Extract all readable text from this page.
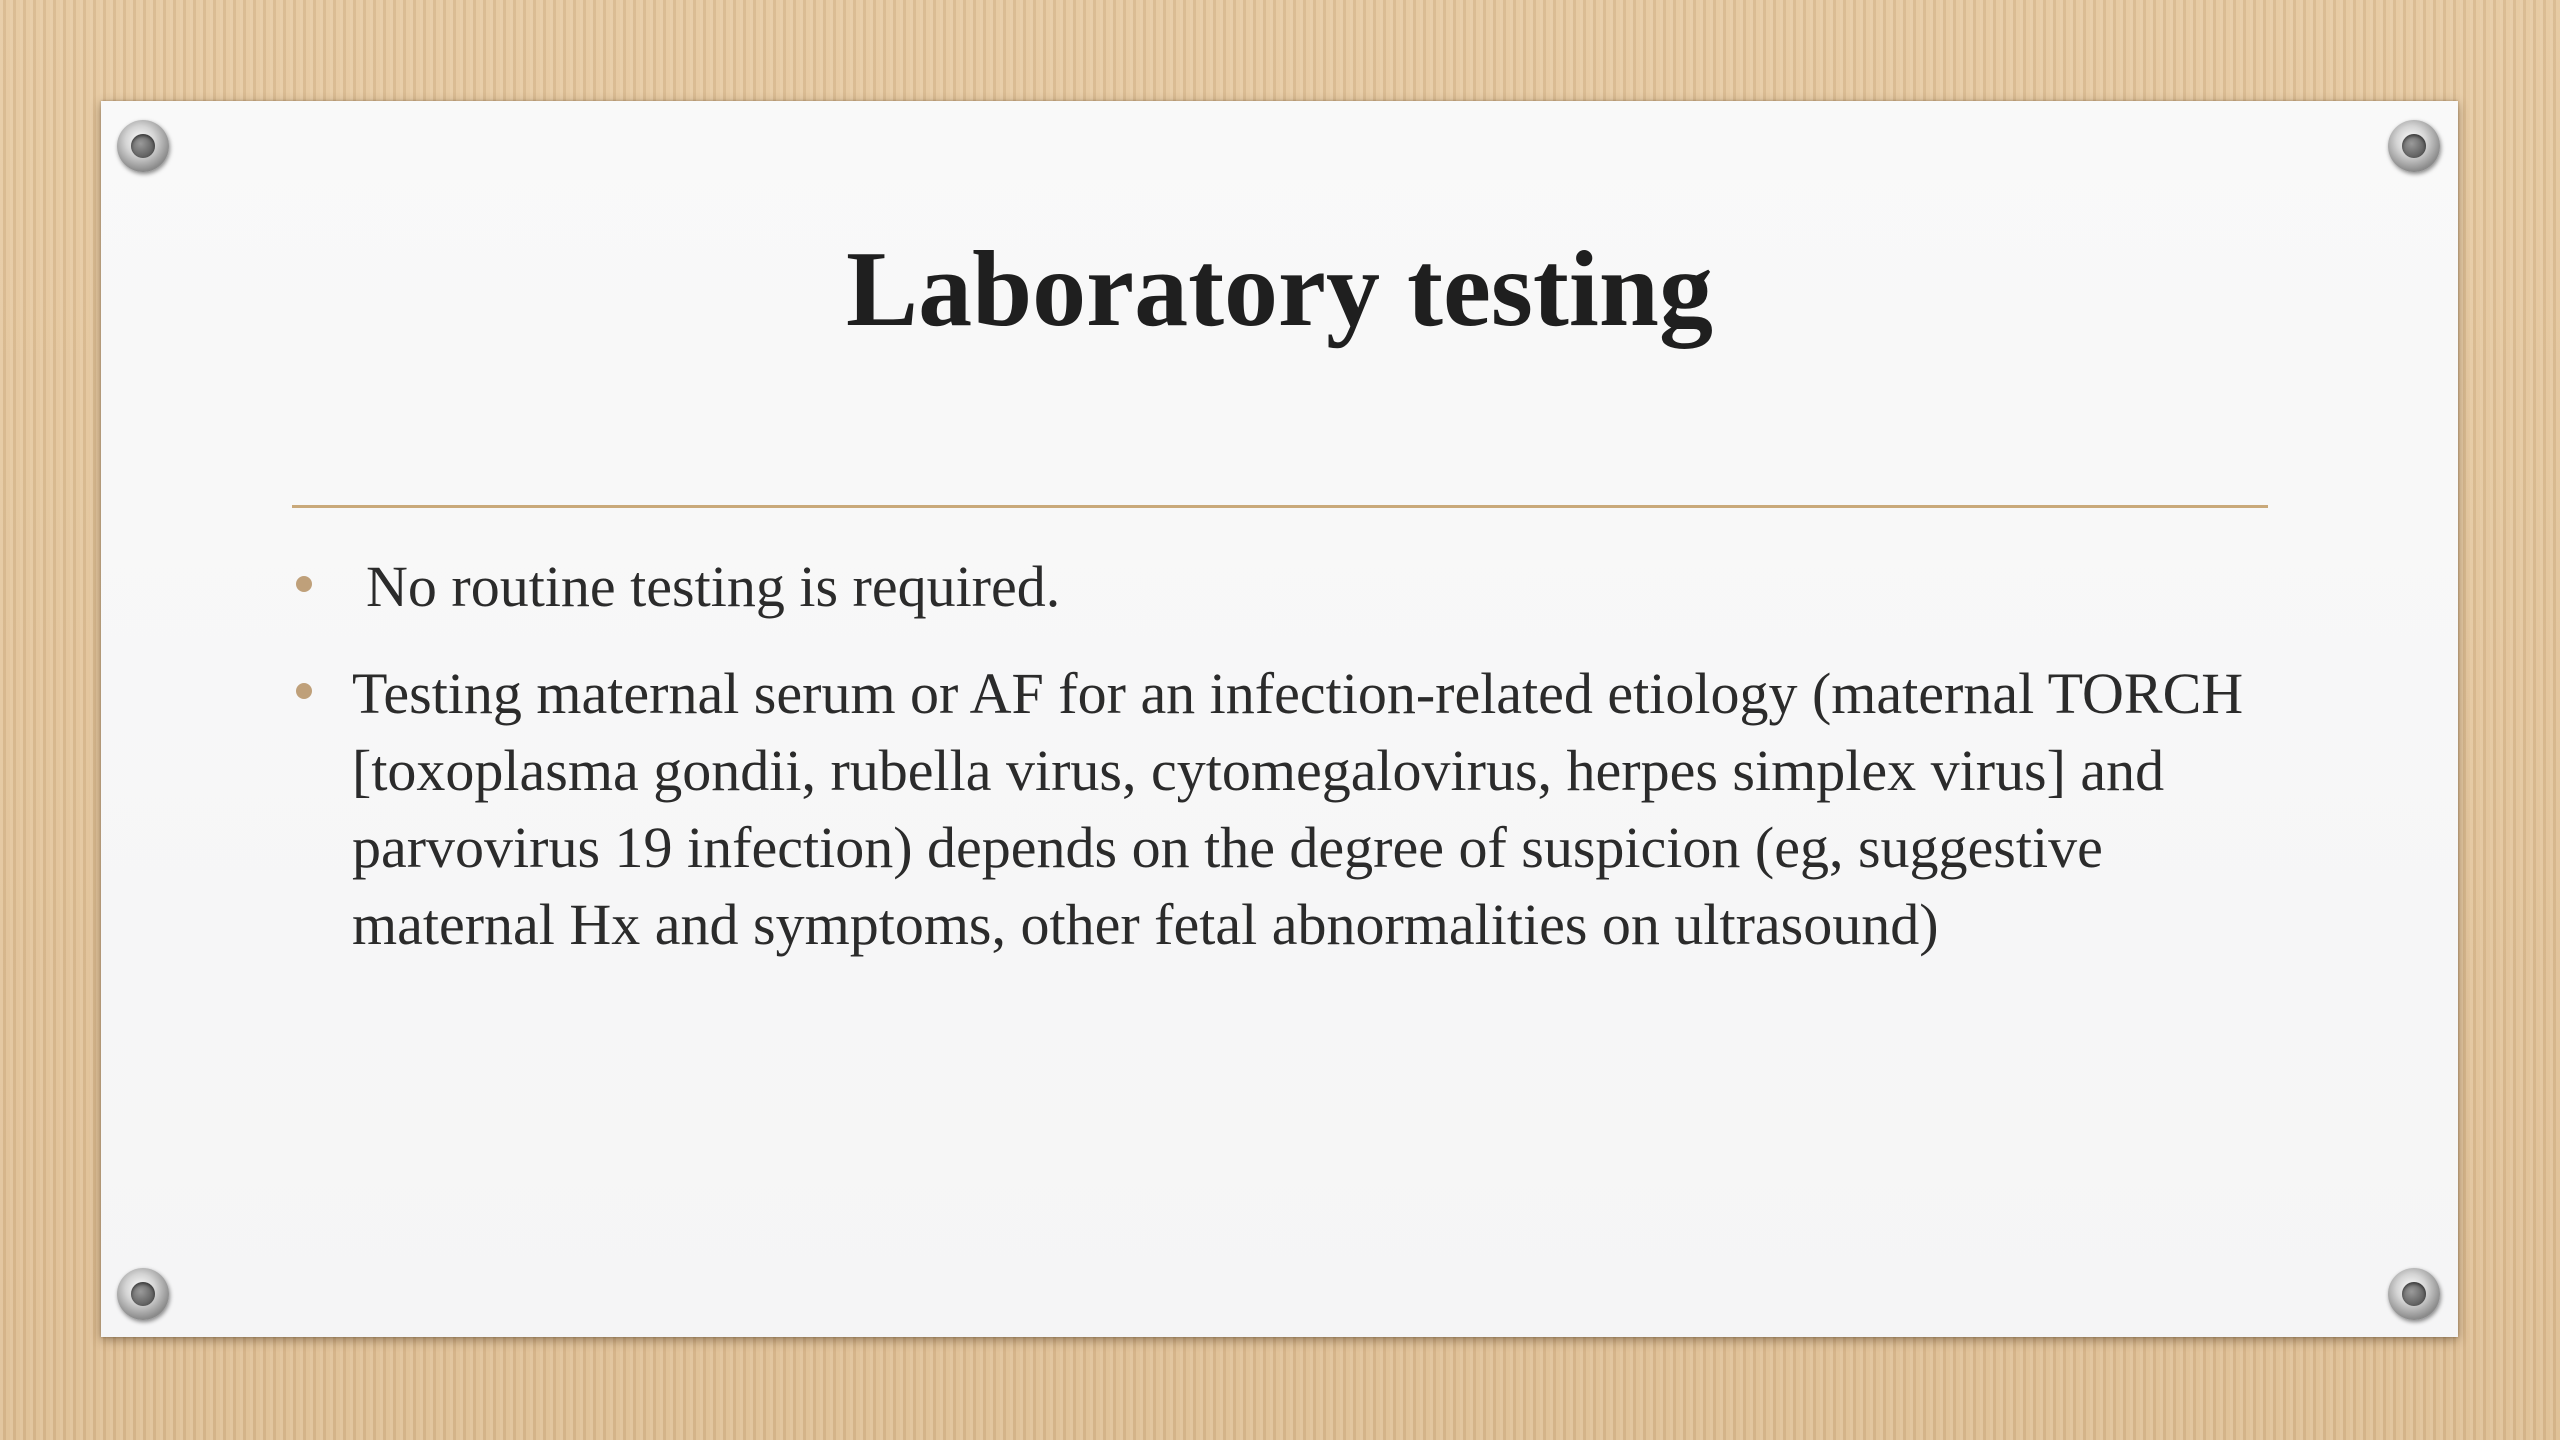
Laboratory testing
No routine testing is required.
Testing maternal serum or AF for an infection-related etiology (maternal TORCH [toxoplasma gondii, rubella virus, cytomegalovirus, herpes simplex virus] and parvovirus 19 infection) depends on the degree of suspicion (eg, suggestive maternal Hx and symptoms, other fetal abnormalities on ultrasound)
